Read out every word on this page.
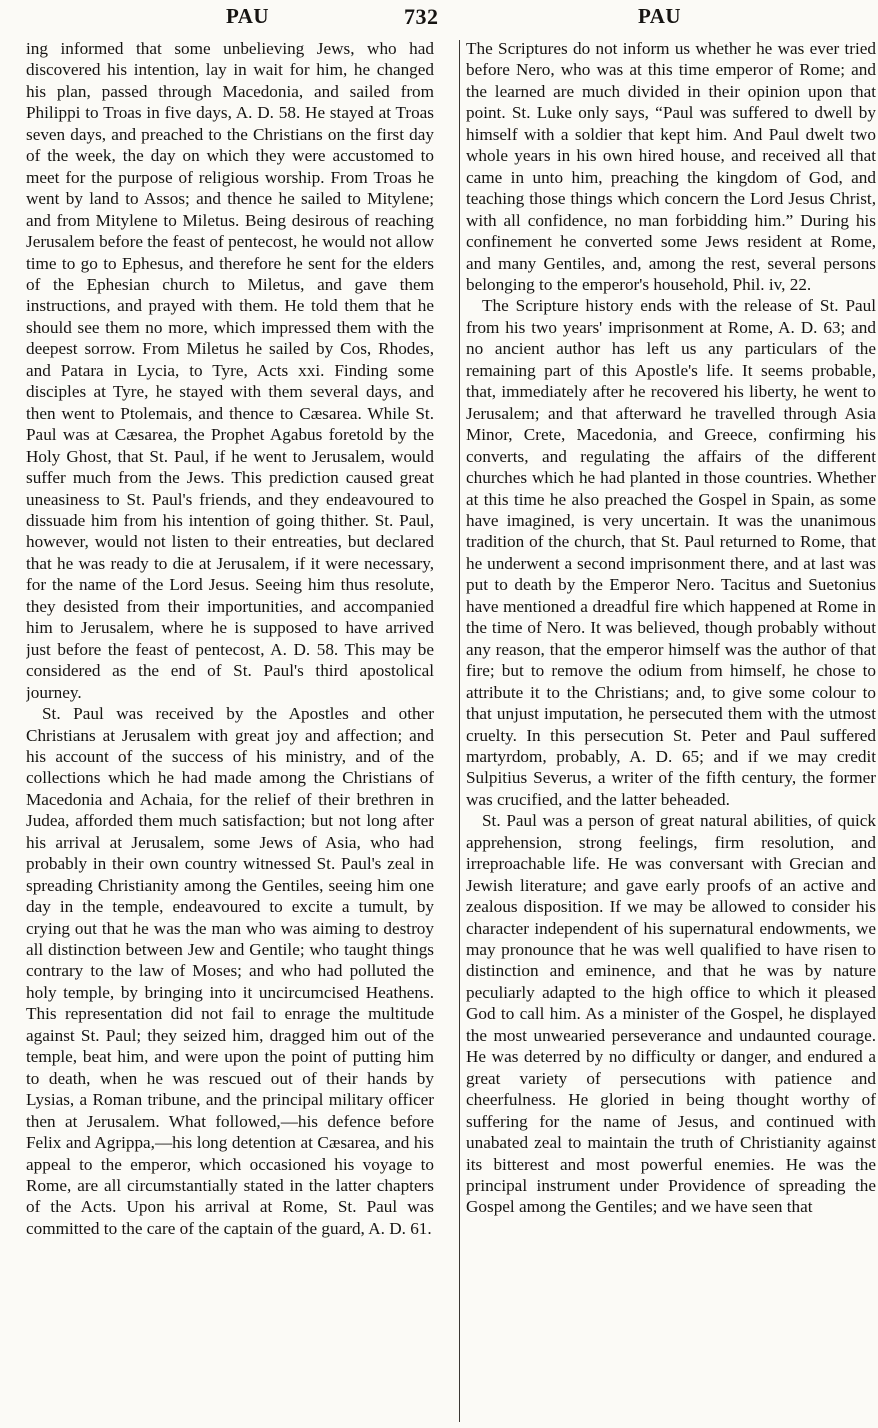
PAU	732	PAU

ing informed that some unbelieving Jews, who had discovered his intention, lay in wait for him, he changed his plan, passed through Macedonia, and sailed from Philippi to Troas in five days, A. D. 58. He stayed at Troas seven days, and preached to the Christians on the first day of the week, the day on which they were accustomed to meet for the purpose of religious worship. From Troas he went by land to Assos; and thence he sailed to Mitylene; and from Mitylene to Miletus. Being desirous of reaching Jerusalem before the feast of pentecost, he would not allow time to go to Ephesus, and therefore he sent for the elders of the Ephesian church to Miletus, and gave them instructions, and prayed with them. He told them that he should see them no more, which impressed them with the deepest sorrow. From Miletus he sailed by Cos, Rhodes, and Patara in Lycia, to Tyre, Acts xxi. Finding some disciples at Tyre, he stayed with them several days, and then went to Ptolemais, and thence to Cæsarea. While St. Paul was at Cæsarea, the Prophet Agabus foretold by the Holy Ghost, that St. Paul, if he went to Jerusalem, would suffer much from the Jews. This prediction caused great uneasiness to St. Paul's friends, and they endeavoured to dissuade him from his intention of going thither. St. Paul, however, would not listen to their entreaties, but declared that he was ready to die at Jerusalem, if it were necessary, for the name of the Lord Jesus. Seeing him thus resolute, they desisted from their importunities, and accompanied him to Jerusalem, where he is supposed to have arrived just before the feast of pentecost, A. D. 58. This may be considered as the end of St. Paul's third apostolical journey.

St. Paul was received by the Apostles and other Christians at Jerusalem with great joy and affection; and his account of the success of his ministry, and of the collections which he had made among the Christians of Macedonia and Achaia, for the relief of their brethren in Judea, afforded them much satisfaction; but not long after his arrival at Jerusalem, some Jews of Asia, who had probably in their own country witnessed St. Paul's zeal in spreading Christianity among the Gentiles, seeing him one day in the temple, endeavoured to excite a tumult, by crying out that he was the man who was aiming to destroy all distinction between Jew and Gentile; who taught things contrary to the law of Moses; and who had polluted the holy temple, by bringing into it uncircumcised Heathens. This representation did not fail to enrage the multitude against St. Paul; they seized him, dragged him out of the temple, beat him, and were upon the point of putting him to death, when he was rescued out of their hands by Lysias, a Roman tribune, and the principal military officer then at Jerusalem. What followed,—his defence before Felix and Agrippa,—his long detention at Cæsarea, and his appeal to the emperor, which occasioned his voyage to Rome, are all circumstantially stated in the latter chapters of the Acts. Upon his arrival at Rome, St. Paul was committed to the care of the captain of the guard, A. D. 61.

The Scriptures do not inform us whether he was ever tried before Nero, who was at this time emperor of Rome; and the learned are much divided in their opinion upon that point. St. Luke only says, “Paul was suffered to dwell by himself with a soldier that kept him. And Paul dwelt two whole years in his own hired house, and received all that came in unto him, preaching the kingdom of God, and teaching those things which concern the Lord Jesus Christ, with all confidence, no man forbidding him.” During his confinement he converted some Jews resident at Rome, and many Gentiles, and, among the rest, several persons belonging to the emperor's household, Phil. iv, 22.

The Scripture history ends with the release of St. Paul from his two years' imprisonment at Rome, A. D. 63; and no ancient author has left us any particulars of the remaining part of this Apostle's life. It seems probable, that, immediately after he recovered his liberty, he went to Jerusalem; and that afterward he travelled through Asia Minor, Crete, Macedonia, and Greece, confirming his converts, and regulating the affairs of the different churches which he had planted in those countries. Whether at this time he also preached the Gospel in Spain, as some have imagined, is very uncertain. It was the unanimous tradition of the church, that St. Paul returned to Rome, that he underwent a second imprisonment there, and at last was put to death by the Emperor Nero. Tacitus and Suetonius have mentioned a dreadful fire which happened at Rome in the time of Nero. It was believed, though probably without any reason, that the emperor himself was the author of that fire; but to remove the odium from himself, he chose to attribute it to the Christians; and, to give some colour to that unjust imputation, he persecuted them with the utmost cruelty. In this persecution St. Peter and Paul suffered martyrdom, probably, A. D. 65; and if we may credit Sulpitius Severus, a writer of the fifth century, the former was crucified, and the latter beheaded.

St. Paul was a person of great natural abilities, of quick apprehension, strong feelings, firm resolution, and irreproachable life. He was conversant with Grecian and Jewish literature; and gave early proofs of an active and zealous disposition. If we may be allowed to consider his character independent of his supernatural endowments, we may pronounce that he was well qualified to have risen to distinction and eminence, and that he was by nature peculiarly adapted to the high office to which it pleased God to call him. As a minister of the Gospel, he displayed the most unwearied perseverance and undaunted courage. He was deterred by no difficulty or danger, and endured a great variety of persecutions with patience and cheerfulness. He gloried in being thought worthy of suffering for the name of Jesus, and continued with unabated zeal to maintain the truth of Christianity against its bitterest and most powerful enemies. He was the principal instrument under Providence of spreading the Gospel among the Gentiles; and we have seen that
